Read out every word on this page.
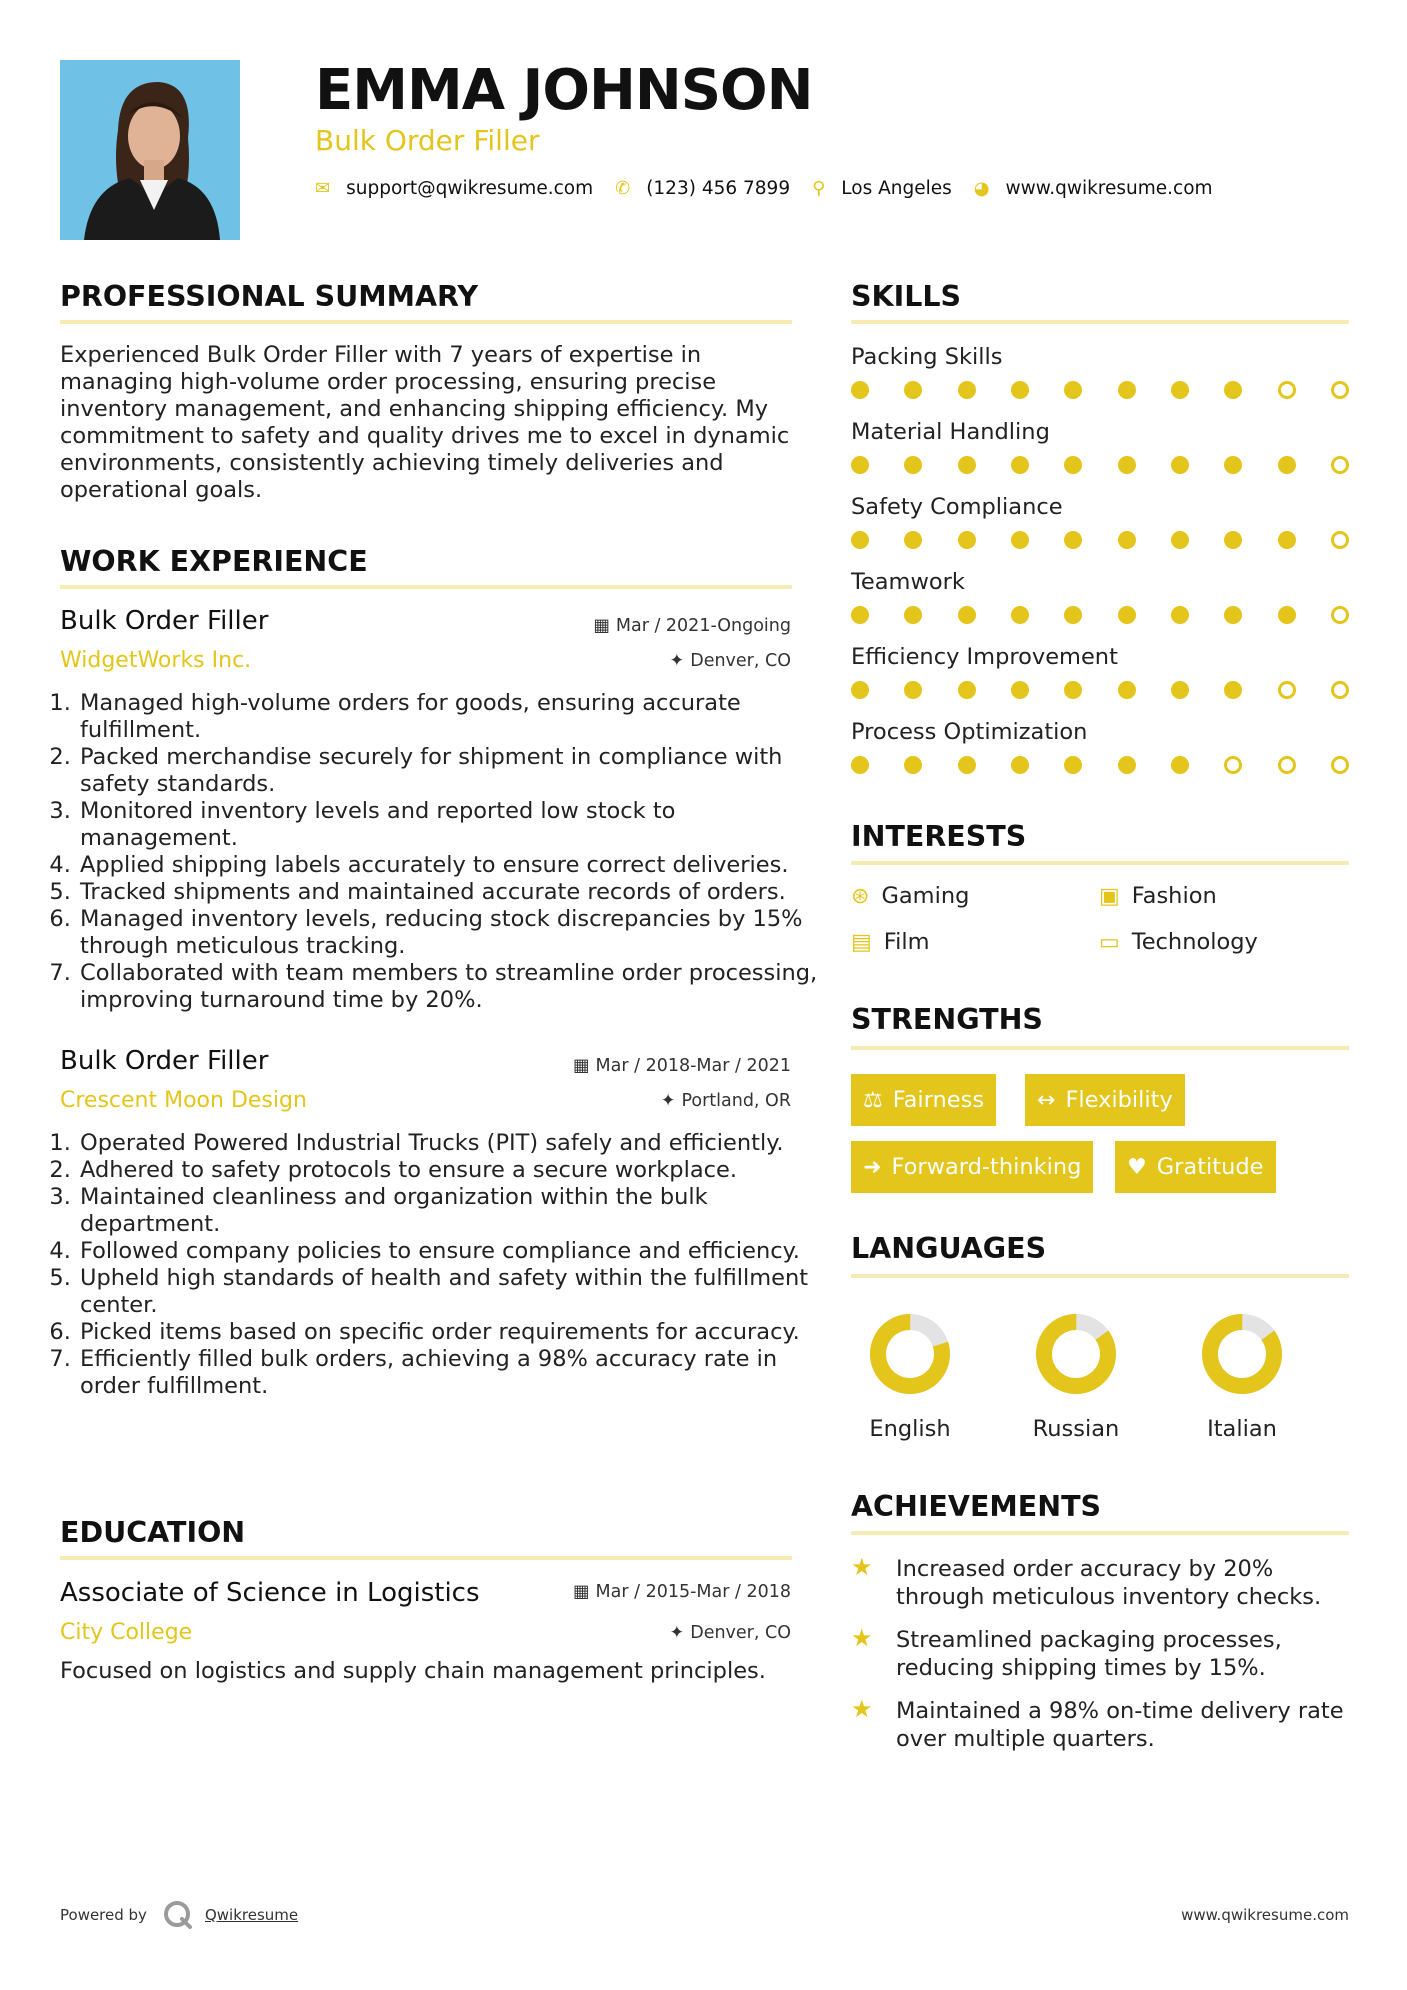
EMMA JOHNSON
Bulk Order Filler
✉ support@qwikresume.com ✆ (123) 456 7899 ⚲ Los Angeles ◕ www.qwikresume.com
PROFESSIONAL SUMMARY
Experienced Bulk Order Filler with 7 years of expertise in managing high-volume order processing, ensuring precise inventory management, and enhancing shipping efficiency. My commitment to safety and quality drives me to excel in dynamic environments, consistently achieving timely deliveries and operational goals.
WORK EXPERIENCE
Bulk Order Filler	▦ Mar / 2021-Ongoing
WidgetWorks Inc.	✦ Denver, CO
1. Managed high-volume orders for goods, ensuring accurate fulfillment.
2. Packed merchandise securely for shipment in compliance with safety standards.
3. Monitored inventory levels and reported low stock to management.
4. Applied shipping labels accurately to ensure correct deliveries.
5. Tracked shipments and maintained accurate records of orders.
6. Managed inventory levels, reducing stock discrepancies by 15% through meticulous tracking.
7. Collaborated with team members to streamline order processing, improving turnaround time by 20%.
Bulk Order Filler	▦ Mar / 2018-Mar / 2021
Crescent Moon Design	✦ Portland, OR
1. Operated Powered Industrial Trucks (PIT) safely and efficiently.
2. Adhered to safety protocols to ensure a secure workplace.
3. Maintained cleanliness and organization within the bulk department.
4. Followed company policies to ensure compliance and efficiency.
5. Upheld high standards of health and safety within the fulfillment center.
6. Picked items based on specific order requirements for accuracy.
7. Efficiently filled bulk orders, achieving a 98% accuracy rate in order fulfillment.
EDUCATION
Associate of Science in Logistics	▦ Mar / 2015-Mar / 2018
City College	✦ Denver, CO
Focused on logistics and supply chain management principles.
SKILLS
Packing Skills
Material Handling
Safety Compliance
Teamwork
Efficiency Improvement
Process Optimization
INTERESTS
⊛ Gaming	▣ Fashion
▤ Film	▭ Technology
STRENGTHS
⚖ Fairness ↔ Flexibility
➜ Forward-thinking ♥ Gratitude
LANGUAGES
English	Russian	Italian
ACHIEVEMENTS
★	Increased order accuracy by 20% through meticulous inventory checks.
★	Streamlined packaging processes, reducing shipping times by 15%.
★	Maintained a 98% on-time delivery rate over multiple quarters.
Powered by	Qwikresume	www.qwikresume.com
